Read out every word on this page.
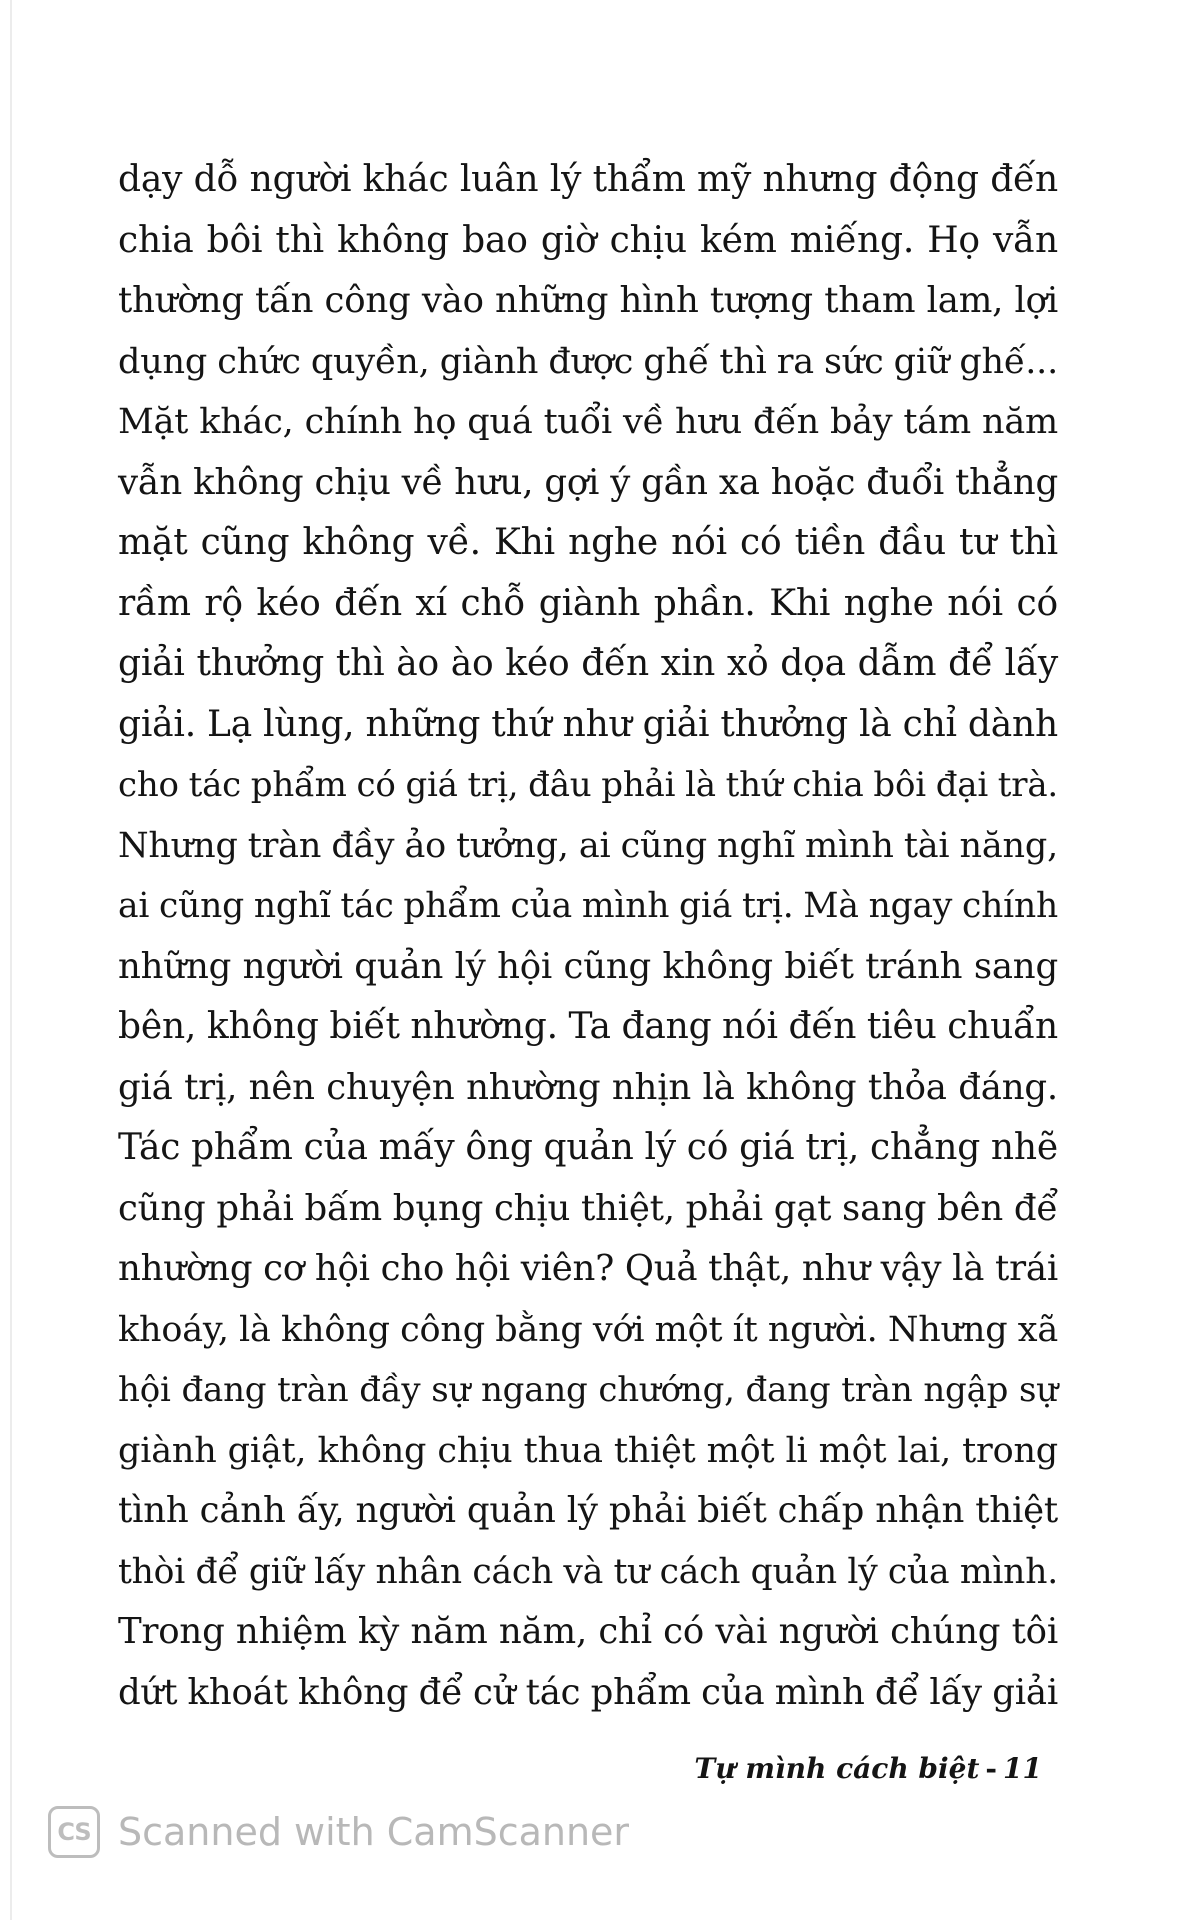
dạy dỗ người khác luân lý thẩm mỹ nhưng động đến
chia bôi thì không bao giờ chịu kém miếng. Họ vẫn
thường tấn công vào những hình tượng tham lam, lợi
dụng chức quyền, giành được ghế thì ra sức giữ ghế...
Mặt khác, chính họ quá tuổi về hưu đến bảy tám năm
vẫn không chịu về hưu, gợi ý gần xa hoặc đuổi thẳng
mặt cũng không về. Khi nghe nói có tiền đầu tư thì
rầm rộ kéo đến xí chỗ giành phần. Khi nghe nói có
giải thưởng thì ào ào kéo đến xin xỏ dọa dẫm để lấy
giải. Lạ lùng, những thứ như giải thưởng là chỉ dành
cho tác phẩm có giá trị, đâu phải là thứ chia bôi đại trà.
Nhưng tràn đầy ảo tưởng, ai cũng nghĩ mình tài năng,
ai cũng nghĩ tác phẩm của mình giá trị. Mà ngay chính
những người quản lý hội cũng không biết tránh sang
bên, không biết nhường. Ta đang nói đến tiêu chuẩn
giá trị, nên chuyện nhường nhịn là không thỏa đáng.
Tác phẩm của mấy ông quản lý có giá trị, chẳng nhẽ
cũng phải bấm bụng chịu thiệt, phải gạt sang bên để
nhường cơ hội cho hội viên? Quả thật, như vậy là trái
khoáy, là không công bằng với một ít người. Nhưng xã
hội đang tràn đầy sự ngang chướng, đang tràn ngập sự
giành giật, không chịu thua thiệt một li một lai, trong
tình cảnh ấy, người quản lý phải biết chấp nhận thiệt
thòi để giữ lấy nhân cách và tư cách quản lý của mình.
Trong nhiệm kỳ năm năm, chỉ có vài người chúng tôi
dứt khoát không để cử tác phẩm của mình để lấy giải
Tự mình cách biệt - 11
CS Scanned with CamScanner
